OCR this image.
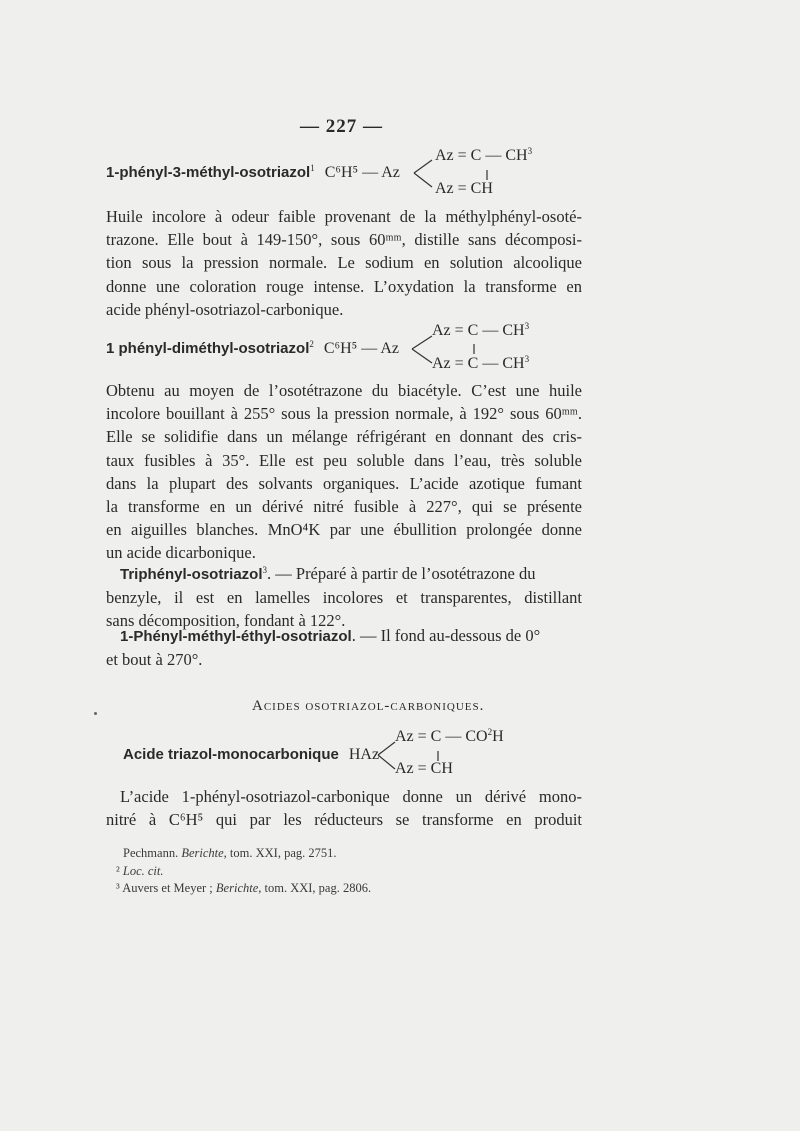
— 227 —
1-phényl-3-méthyl-osotriazol$^1$ C⁶H⁵ — Az
Az = C — $CH^3$
Az = CH
Huile incolore à odeur faible provenant de la méthylphényl-osoté-
trazone. Elle bout à 149-150°, sous 60ᵐᵐ, distille sans décomposi-
tion sous la pression normale. Le sodium en solution alcoolique
donne une coloration rouge intense. L’oxydation la transforme en
acide phényl-osotriazol-carbonique.
1 phényl-diméthyl-osotriazol$^2$ C⁶H⁵ — Az
Az = C — $CH^3$
Az = C — $CH^3$
Obtenu au moyen de l’osotétrazone du biacétyle. C’est une huile
incolore bouillant à 255° sous la pression normale, à 192° sous 60ᵐᵐ.
Elle se solidifie dans un mélange réfrigérant en donnant des cris-
taux fusibles à 35°. Elle est peu soluble dans l’eau, très soluble
dans la plupart des solvants organiques. L’acide azotique fumant
la transforme en un dérivé nitré fusible à 227°, qui se présente
en aiguilles blanches. MnO⁴K par une ébullition prolongée donne
un acide dicarbonique.
Triphényl-osotriazol$^3$. — Préparé à partir de l’osotétrazone du
benzyle, il est en lamelles incolores et transparentes, distillant
sans décomposition, fondant à 122°.
1-Phényl-méthyl-éthyl-osotriazol. — Il fond au-dessous de 0°
et bout à 270°.
Acides osotriazol-carboniques.
Acide triazol-monocarbonique HAz
Az = C — $CO^2H$
Az = CH
L’acide 1-phényl-osotriazol-carbonique donne un dérivé mono-
nitré à C⁶H⁵ qui par les réducteurs se transforme en produit
Pechmann. Berichte, tom. XXI, pag. 2751.
² Loc. cit.
³ Auvers et Meyer ; Berichte, tom. XXI, pag. 2806.
